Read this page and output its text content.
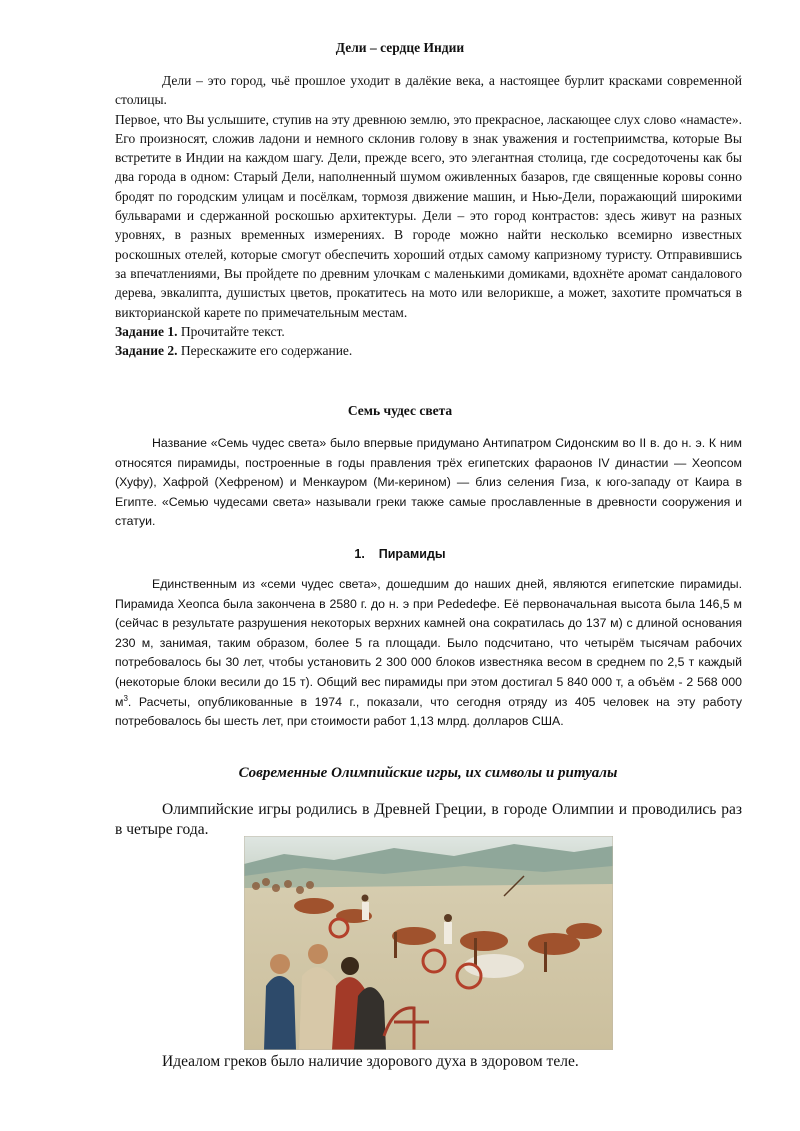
Дели – сердце Индии

Дели – это город, чьё прошлое уходит в далёкие века, а настоящее бурлит красками современной столицы.

Первое, что Вы услышите, ступив на эту древнюю землю, это прекрасное, ласкающее слух слово «намасте». Его произносят, сложив ладони и немного склонив голову в знак уважения и гостеприимства, которые Вы встретите в Индии на каждом шагу. Дели, прежде всего, это элегантная столица, где сосредоточены как бы два города в одном: Старый Дели, наполненный шумом оживленных базаров, где священные коровы сонно бродят по городским улицам и посёлкам, тормозя движение машин, и Нью-Дели, поражающий широкими бульварами и сдержанной роскошью архитектуры. Дели – это город контрастов: здесь живут на разных уровнях, в разных временных измерениях. В городе можно найти несколько всемирно известных роскошных отелей, которые смогут обеспечить хороший отдых самому капризному туристу. Отправившись за впечатлениями, Вы пройдете по древним улочкам с маленькими домиками, вдохнёте аромат сандалового дерева, эвкалипта, душистых цветов, прокатитесь на мото или велорикше, а может, захотите промчаться в викторианской карете по примечательным местам.

Задание 1. Прочитайте текст.

Задание 2. Перескажите его содержание.

Семь чудес света

Название «Семь чудес света» было впервые придумано Антипатром Сидонским во II в. до н. э. К ним относятся пирамиды, построенные в годы правления трёх египетских фараонов IV династии — Хеопсом (Хуфу), Хафрой (Хефреном) и Менкауром (Ми-керином) — близ селения Гиза, к юго-западу от Каира в Египте. «Семью чудесами света» называли греки также самые прославленные в древности сооружения и статуи.

1. Пирамиды

Единственным из «семи чудес света», дошедшим до наших дней, являются египетские пирамиды. Пирамида Хеопса была закончена в 2580 г. до н. э при Рededефе. Её первоначальная высота была 146,5 м (сейчас в результате разрушения некоторых верхних камней она сократилась до 137 м) с длиной основания 230 м, занимая, таким образом, более 5 га площади. Было подсчитано, что четырём тысячам рабочих потребовалось бы 30 лет, чтобы установить 2 300 000 блоков известняка весом в среднем по 2,5 т каждый (некоторые блоки весили до 15 т). Общий вес пирамиды при этом достигал 5 840 000 т, а объём - 2 568 000 $м^3$. Расчеты, опубликованные в 1974 г., показали, что сегодня отряду из 405 человек на эту работу потребовалось бы шесть лет, при стоимости работ 1,13 млрд. долларов США.

Современные Олимпийские игры, их символы и ритуалы

Олимпийские игры родились в Древней Греции, в городе Олимпии и проводились раз в четыре года.

Идеалом греков было наличие здорового духа в здоровом теле.
